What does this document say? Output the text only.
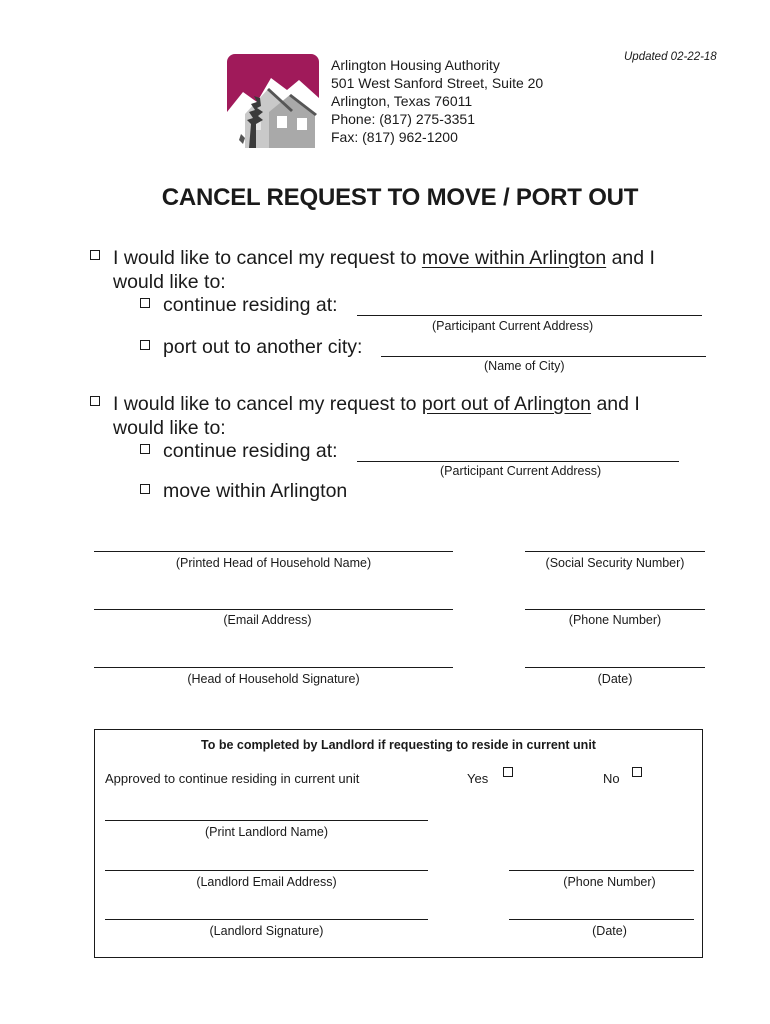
Arlington Housing Authority
501 West Sanford Street, Suite 20
Arlington, Texas 76011
Phone: (817) 275-3351
Fax: (817) 962-1200
Updated 02-22-18
CANCEL REQUEST TO MOVE / PORT OUT
I would like to cancel my request to move within Arlington and I
would like to:
continue residing at:
(Participant Current Address)
port out to another city:
(Name of City)
I would like to cancel my request to port out of Arlington and I
would like to:
continue residing at:
(Participant Current Address)
move within Arlington
(Printed Head of Household Name)	(Social Security Number)
(Email Address)	(Phone Number)
(Head of Household Signature)	(Date)
To be completed by Landlord if requesting to reside in current unit
Approved to continue residing in current unit	Yes	No
(Print Landlord Name)
(Landlord Email Address)	(Phone Number)
(Landlord Signature)	(Date)
